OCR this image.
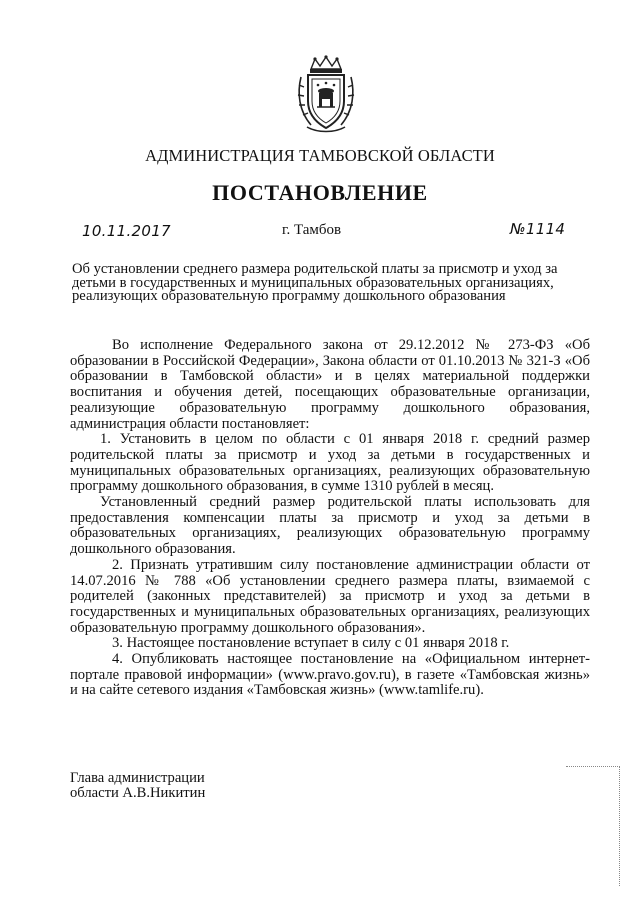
АДМИНИСТРАЦИЯ ТАМБОВСКОЙ ОБЛАСТИ
ПОСТАНОВЛЕНИЕ
10.11.2017	г. Тамбов	№1114
Об установлении среднего размера родительской платы за присмотр и уход за детьми в государственных и муниципальных образовательных организациях, реализующих образовательную программу дошкольного образования

Во исполнение Федерального закона от 29.12.2012 № 273-ФЗ «Об образовании в Российской Федерации», Закона области от 01.10.2013 № 321-З «Об образовании в Тамбовской области» и в целях материальной поддержки воспитания и обучения детей, посещающих образовательные организации, реализующие образовательную программу дошкольного образования, администрация области постановляет:

1. Установить в целом по области с 01 января 2018 г. средний размер родительской платы за присмотр и уход за детьми в государственных и муниципальных образовательных организациях, реализующих образовательную программу дошкольного образования, в сумме 1310 рублей в месяц.

Установленный средний размер родительской платы использовать для предоставления компенсации платы за присмотр и уход за детьми в образовательных организациях, реализующих образовательную программу дошкольного образования.

2. Признать утратившим силу постановление администрации области от 14.07.2016 № 788 «Об установлении среднего размера платы, взимаемой с родителей (законных представителей) за присмотр и уход за детьми в государственных и муниципальных образовательных организациях, реализующих образовательную программу дошкольного образования».

3. Настоящее постановление вступает в силу с 01 января 2018 г.

4. Опубликовать настоящее постановление на «Официальном интернет-портале правовой информации» (www.pravo.gov.ru), в газете «Тамбовская жизнь» и на сайте сетевого издания «Тамбовская жизнь» (www.tamlife.ru).

Глава администрации
области А.В.Никитин
